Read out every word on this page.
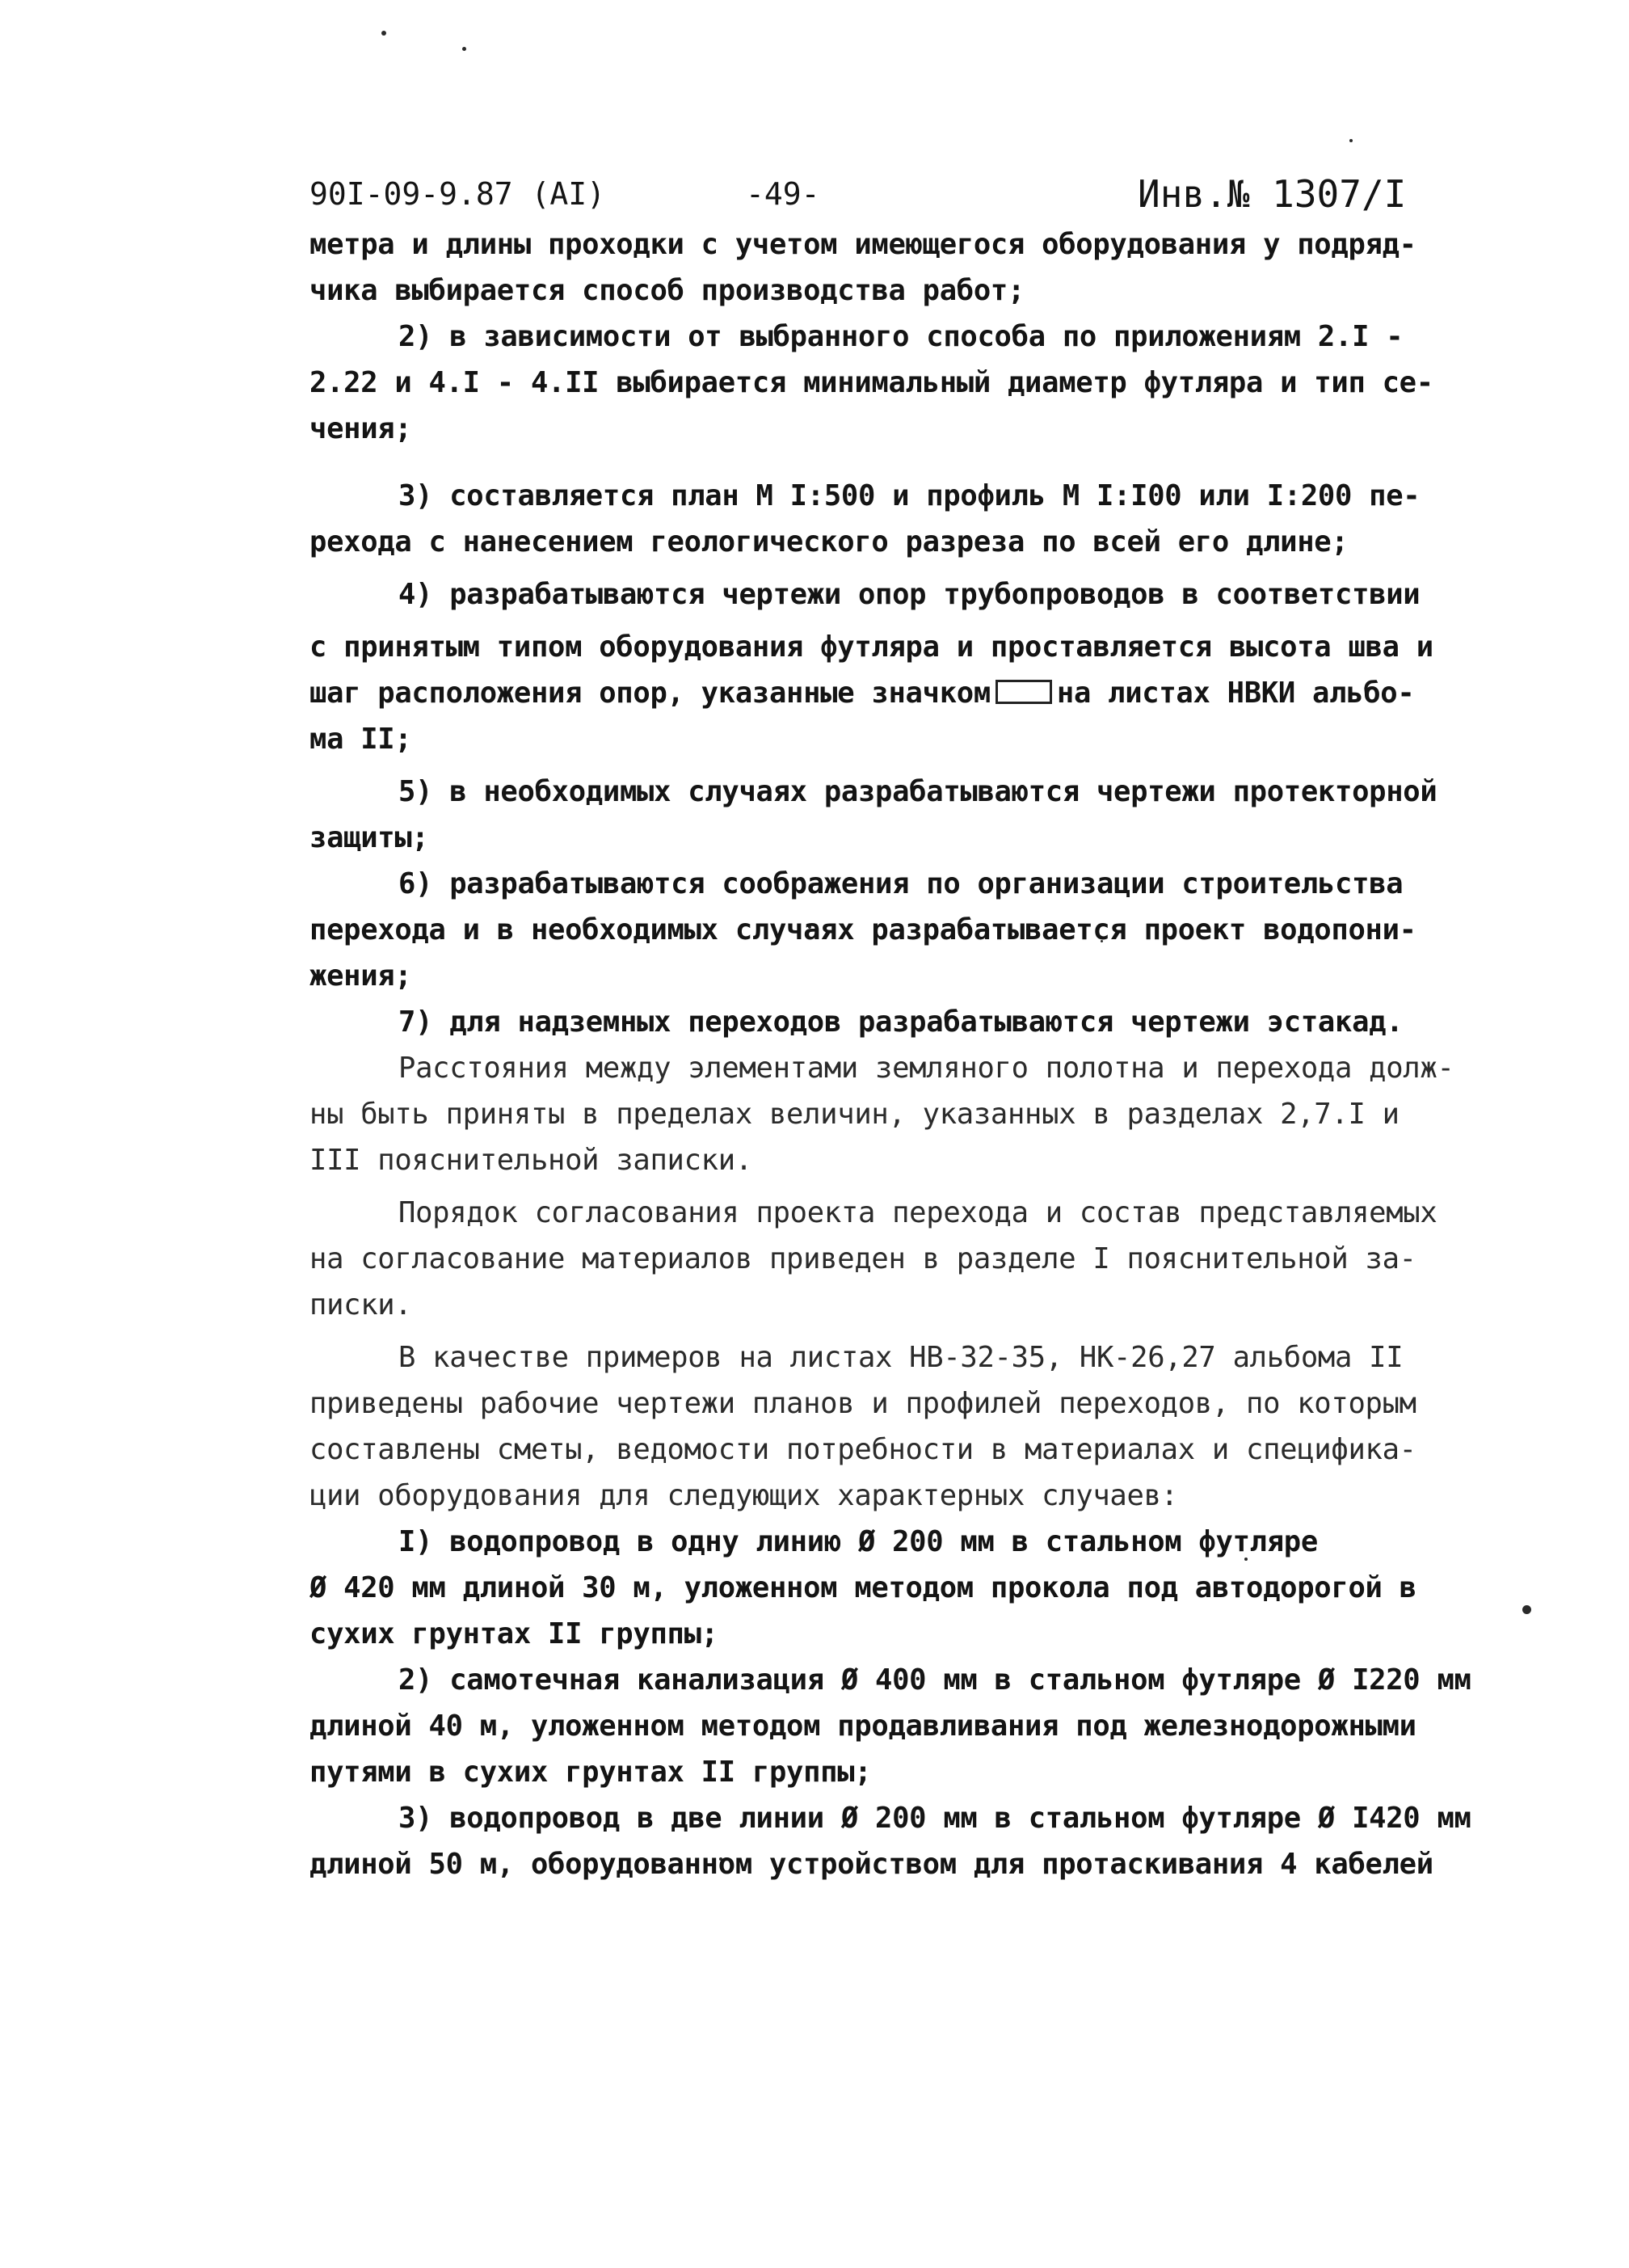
90I-09-9.87 (AI)	-49-	Инв.№ 1307/I
метра и длины проходки с учетом имеющегося оборудования у подряд-
чика выбирается способ производства работ;
2) в зависимости от выбранного способа по приложениям 2.I -
2.22 и 4.I - 4.II выбирается минимальный диаметр футляра и тип се-
чения;
3) составляется план М I:500 и профиль М I:I00 или I:200 пе-
рехода с нанесением геологического разреза по всей его длине;
4) разрабатываются чертежи опор трубопроводов в соответствии
с принятым типом оборудования футляра и проставляется высота шва и
шаг расположения опор, указанные значком на листах НВКИ альбо-
ма II;
5) в необходимых случаях разрабатываются чертежи протекторной
защиты;
6) разрабатываются соображения по организации строительства
перехода и в необходимых случаях разрабатывается проект водопони-
жения;
7) для надземных переходов разрабатываются чертежи эстакад.
Расстояния между элементами земляного полотна и перехода долж-
ны быть приняты в пределах величин, указанных в разделах 2,7.I и
III пояснительной записки.
Порядок согласования проекта перехода и состав представляемых
на согласование материалов приведен в разделе I пояснительной за-
писки.
В качестве примеров на листах НВ-32-35, НК-26,27 альбома II
приведены рабочие чертежи планов и профилей переходов, по которым
составлены сметы, ведомости потребности в материалах и спецификa-
ции оборудования для следующих характерных случаев:
I) водопровод в одну линию Ø 200 мм в стальном футляре
Ø 420 мм длиной 30 м, уложенном методом прокола под автодорогой в
сухих грунтах II группы;
2) самотечная канализация Ø 400 мм в стальном футляре Ø I220 мм
длиной 40 м, уложенном методом продавливания под железнодорожными
путями в сухих грунтах II группы;
3) водопровод в две линии Ø 200 мм в стальном футляре Ø I420 мм
длиной 50 м, оборудованном устройством для протаскивания 4 кабелей
